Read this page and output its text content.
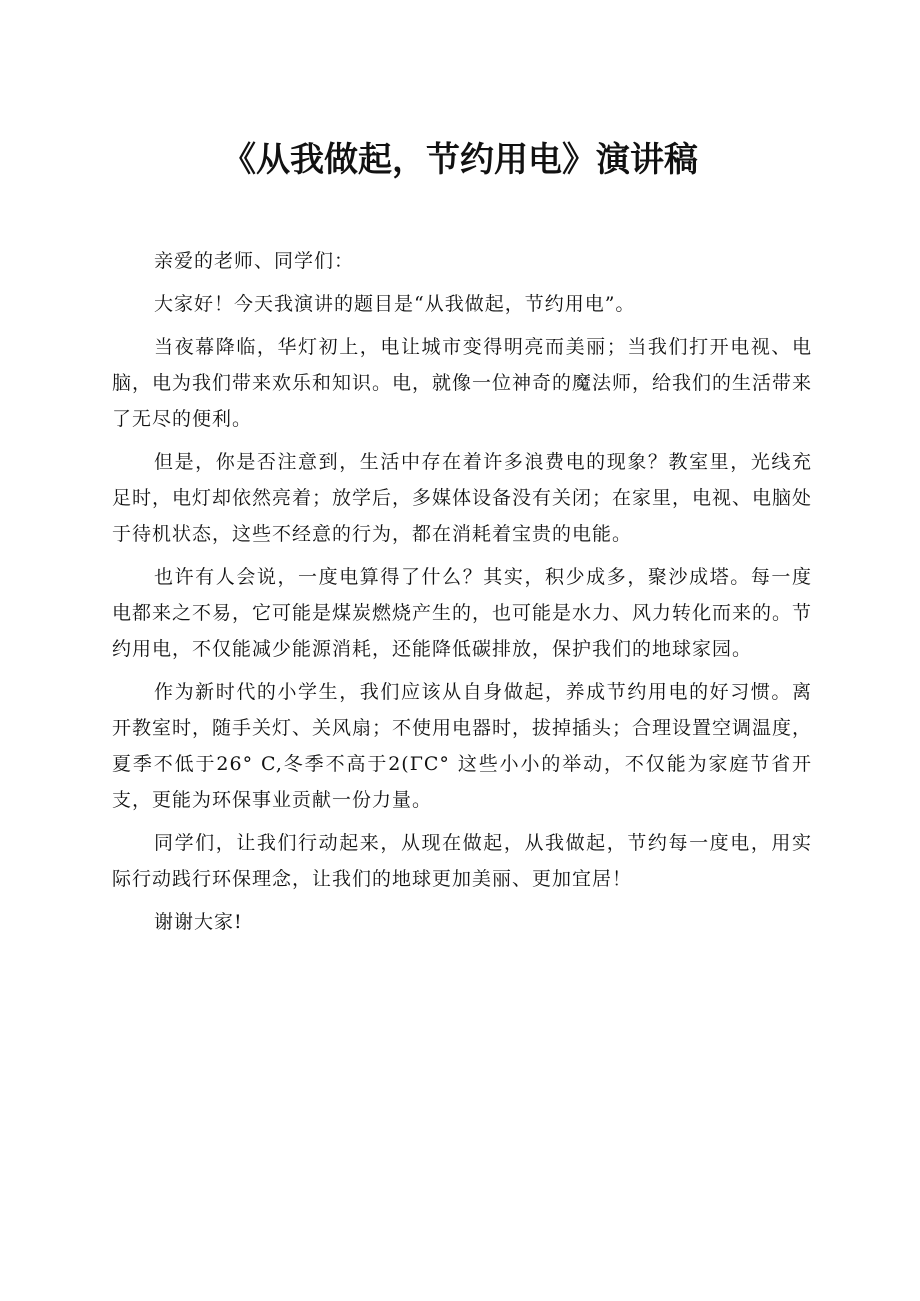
《从我做起，节约用电》演讲稿

亲爱的老师、同学们：

大家好！今天我演讲的题目是“从我做起，节约用电”。

当夜幕降临，华灯初上，电让城市变得明亮而美丽；当我们打开电视、电脑，电为我们带来欢乐和知识。电，就像一位神奇的魔法师，给我们的生活带来了无尽的便利。

但是，你是否注意到，生活中存在着许多浪费电的现象？教室里，光线充足时，电灯却依然亮着；放学后，多媒体设备没有关闭；在家里，电视、电脑处于待机状态，这些不经意的行为，都在消耗着宝贵的电能。

也许有人会说，一度电算得了什么？其实，积少成多，聚沙成塔。每一度电都来之不易，它可能是煤炭燃烧产生的，也可能是水力、风力转化而来的。节约用电，不仅能减少能源消耗，还能降低碳排放，保护我们的地球家园。

作为新时代的小学生，我们应该从自身做起，养成节约用电的好习惯。离开教室时，随手关灯、关风扇；不使用电器时，拔掉插头；合理设置空调温度，夏季不低于26° C,冬季不高于2(ΓC° 这些小小的举动，不仅能为家庭节省开支，更能为环保事业贡献一份力量。

同学们，让我们行动起来，从现在做起，从我做起，节约每一度电，用实际行动践行环保理念，让我们的地球更加美丽、更加宜居！

谢谢大家!
